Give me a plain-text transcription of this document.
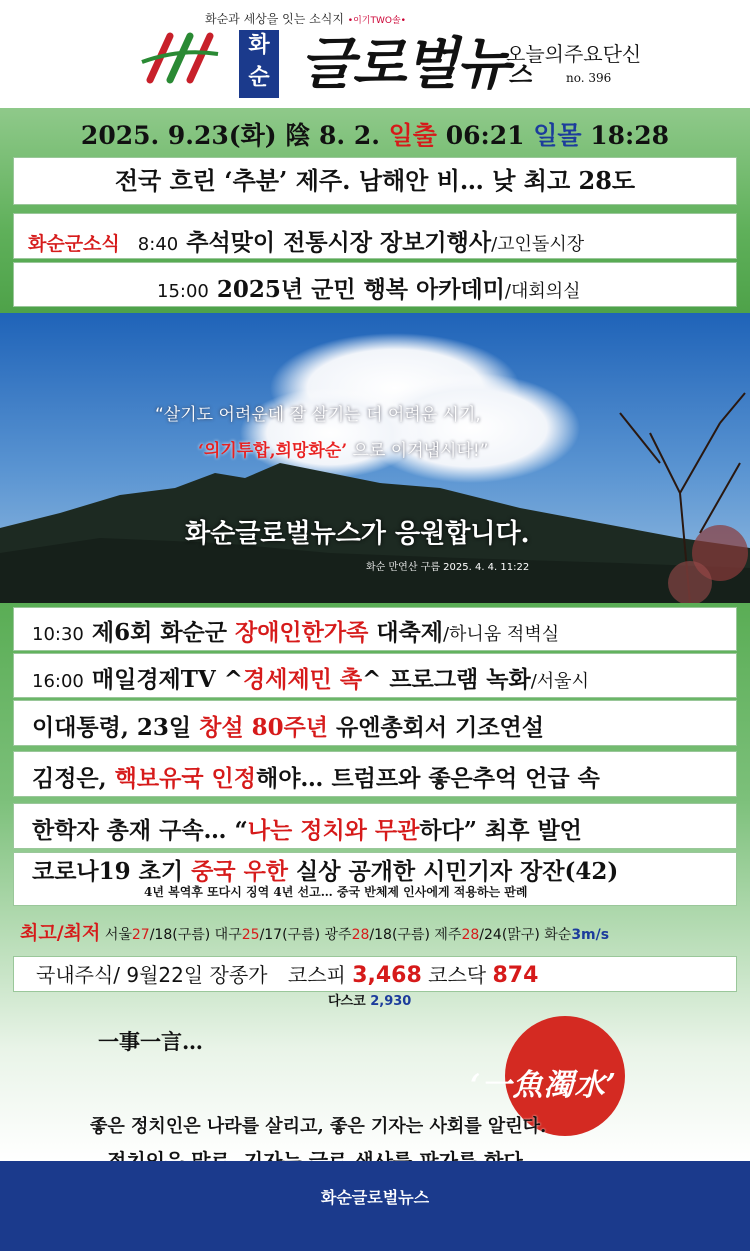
화순과 세상을 잇는 소식지 •이기TWO솔•
화
순 글로벌뉴스
오늘의주요단신
no. 396
2025. 9.23(화) 陰 8. 2. 일출 06:21 일몰 18:28
전국 흐린 ‘추분’ 제주. 남해안 비… 낮 최고 28도
화순군소식 8:40 추석맞이 전통시장 장보기행사/고인돌시장
15:00 2025년 군민 행복 아카데미/대회의실
“살기도 어려운데 잘 살기는 더 어려운 시기,
‘의기투합,희망화순’ 으로 이겨냅시다!”
화순글로벌뉴스가 응원합니다.
화순 만연산 구름 2025. 4. 4. 11:22
10:30 제6회 화순군 장애인한가족 대축제/하니움 적벽실
16:00 매일경제TV ^경세제민 촉^ 프로그램 녹화/서울시
이대통령, 23일 창설 80주년 유엔총회서 기조연설
김정은, 핵보유국 인정해야… 트럼프와 좋은추억 언급 속
한학자 총재 구속… “나는 정치와 무관하다” 최후 발언
코로나19 초기 중국 우한 실상 공개한 시민기자 장잔(42)
4년 복역후 또다시 징역 4년 선고… 중국 반체제 인사에게 적용하는 판례
최고/최저 서울27/18(구름) 대구25/17(구름) 광주28/18(구름) 제주28/24(맑구) 화순3m/s
국내주식/ 9월22일 장종가 코스피 3,468 코스닥 874
다스코 2,930
一事一言…
‘一魚濁水’
좋은 정치인은 나라를 살리고, 좋은 기자는 사회를 알린다.
화순글로벌뉴스
